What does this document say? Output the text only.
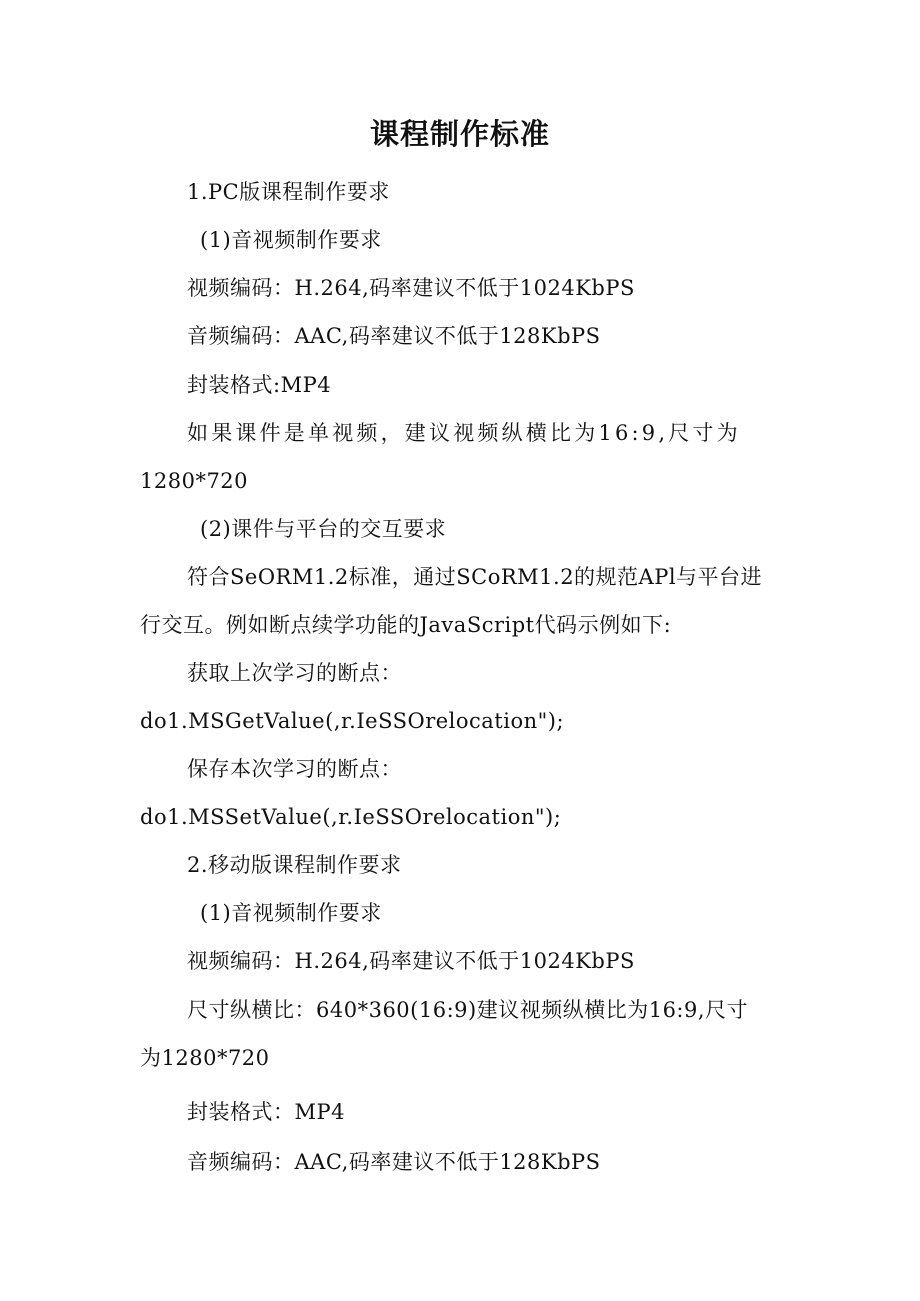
课程制作标准
1.PC版课程制作要求
(1)音视频制作要求
视频编码：H.264,码率建议不低于1024KbPS
音频编码：AAC,码率建议不低于128KbPS
封装格式:MP4
如果课件是单视频，建议视频纵横比为16:9,尺寸为
1280*720
(2)课件与平台的交互要求
符合SeORM1.2标准，通过SCoRM1.2的规范APl与平台进
行交互。例如断点续学功能的JavaScript代码示例如下:
获取上次学习的断点：
do1.MSGetValue(,r.IeSSOrelocation");
保存本次学习的断点：
do1.MSSetValue(,r.IeSSOrelocation");
2.移动版课程制作要求
(1)音视频制作要求
视频编码：H.264,码率建议不低于1024KbPS
尺寸纵横比：640*360(16:9)建议视频纵横比为16:9,尺寸
为1280*720
封装格式：MP4
音频编码：AAC,码率建议不低于128KbPS
